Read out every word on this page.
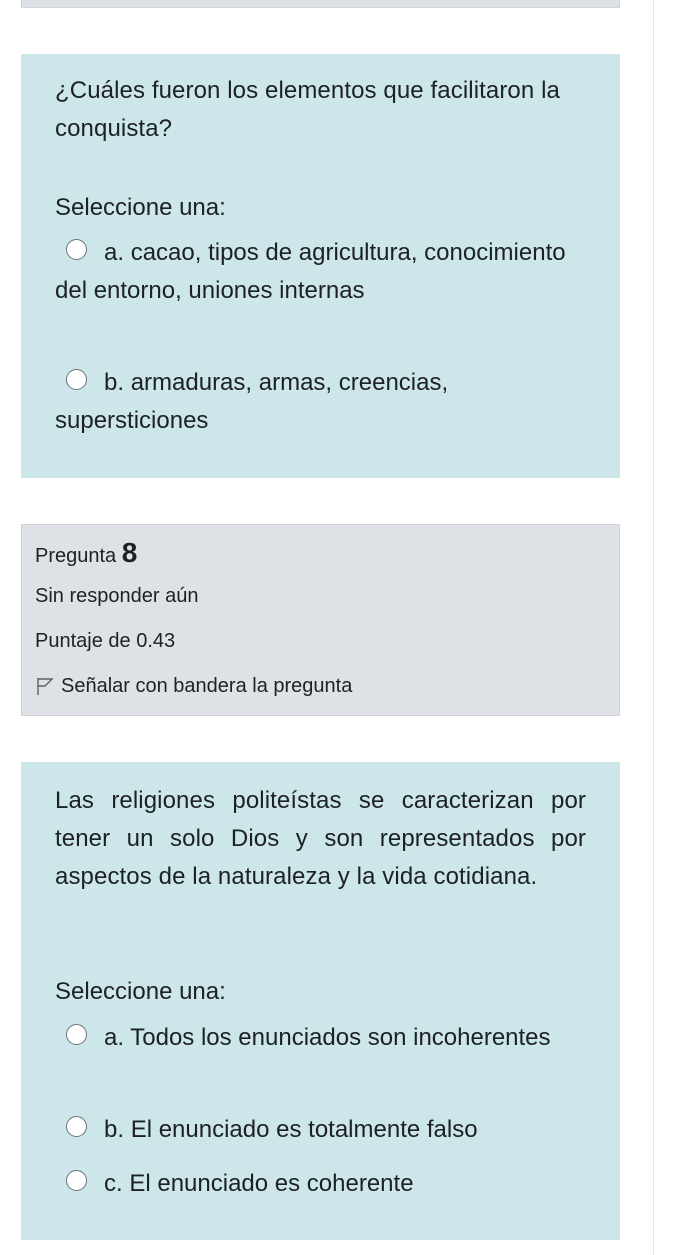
¿Cuáles fueron los elementos que facilitaron la conquista?
Seleccione una:
a. cacao, tipos de agricultura, conocimiento del entorno, uniones internas
b. armaduras, armas, creencias, supersticiones
Pregunta 8
Sin responder aún
Puntaje de 0.43
Señalar con bandera la pregunta
Las religiones politeístas se caracterizan por tener un solo Dios y son representados por aspectos de la naturaleza y la vida cotidiana.
Seleccione una:
a. Todos los enunciados son incoherentes
b. El enunciado es totalmente falso
c. El enunciado es coherente
